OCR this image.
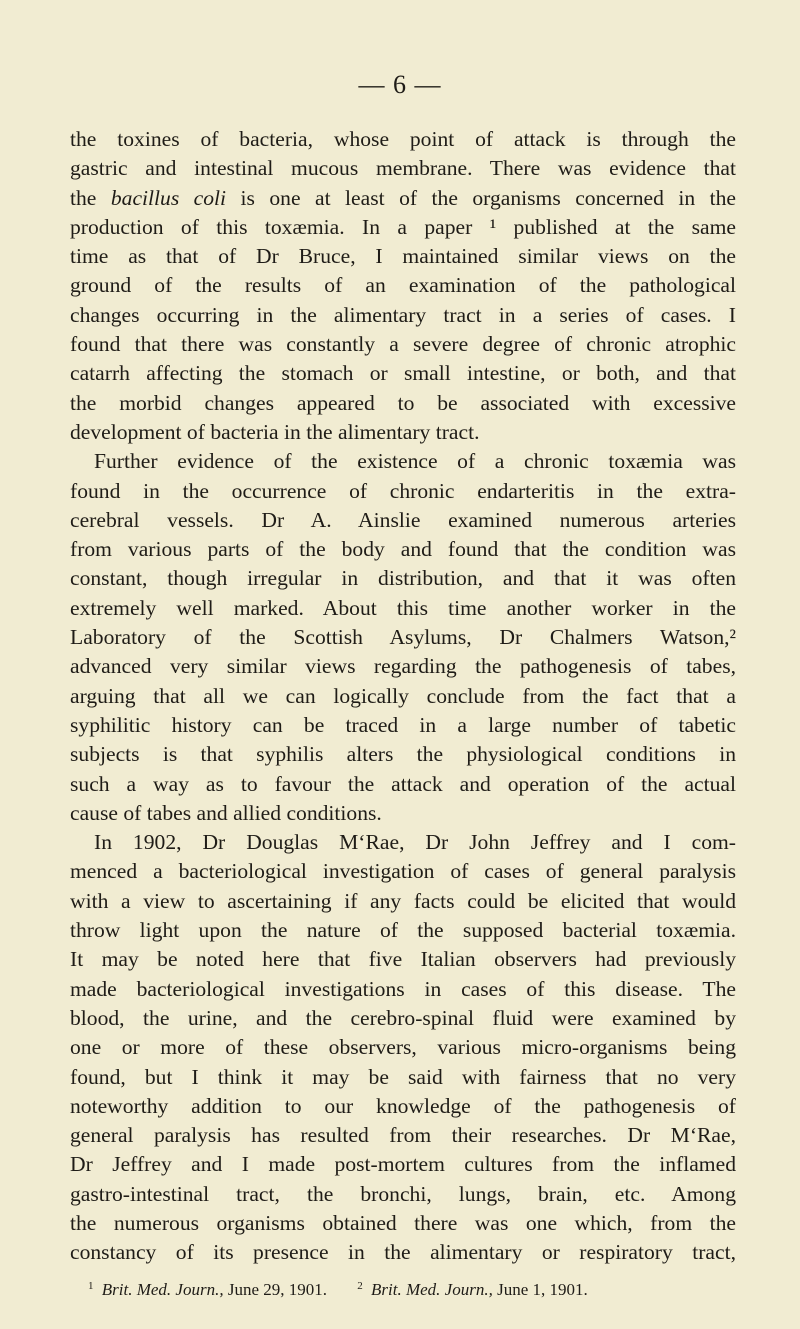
— 6 —
the toxines of bacteria, whose point of attack is through the
gastric and intestinal mucous membrane. There was evidence that
the bacillus coli is one at least of the organisms concerned in the
production of this toxæmia. In a paper ¹ published at the same
time as that of Dr Bruce, I maintained similar views on the
ground of the results of an examination of the pathological
changes occurring in the alimentary tract in a series of cases. I
found that there was constantly a severe degree of chronic atrophic
catarrh affecting the stomach or small intestine, or both, and that
the morbid changes appeared to be associated with excessive
development of bacteria in the alimentary tract.
Further evidence of the existence of a chronic toxæmia was
found in the occurrence of chronic endarteritis in the extra-
cerebral vessels. Dr A. Ainslie examined numerous arteries
from various parts of the body and found that the condition was
constant, though irregular in distribution, and that it was often
extremely well marked. About this time another worker in the
Laboratory of the Scottish Asylums, Dr Chalmers Watson,²
advanced very similar views regarding the pathogenesis of tabes,
arguing that all we can logically conclude from the fact that a
syphilitic history can be traced in a large number of tabetic
subjects is that syphilis alters the physiological conditions in
such a way as to favour the attack and operation of the actual
cause of tabes and allied conditions.
In 1902, Dr Douglas M‘Rae, Dr John Jeffrey and I com-
menced a bacteriological investigation of cases of general paralysis
with a view to ascertaining if any facts could be elicited that would
throw light upon the nature of the supposed bacterial toxæmia.
It may be noted here that five Italian observers had previously
made bacteriological investigations in cases of this disease. The
blood, the urine, and the cerebro-spinal fluid were examined by
one or more of these observers, various micro-organisms being
found, but I think it may be said with fairness that no very
noteworthy addition to our knowledge of the pathogenesis of
general paralysis has resulted from their researches. Dr M‘Rae,
Dr Jeffrey and I made post-mortem cultures from the inflamed
gastro-intestinal tract, the bronchi, lungs, brain, etc. Among
the numerous organisms obtained there was one which, from the
constancy of its presence in the alimentary or respiratory tract,
$^1$ Brit. Med. Journ., June 29, 1901.	$^2$ Brit. Med. Journ., June 1, 1901.
